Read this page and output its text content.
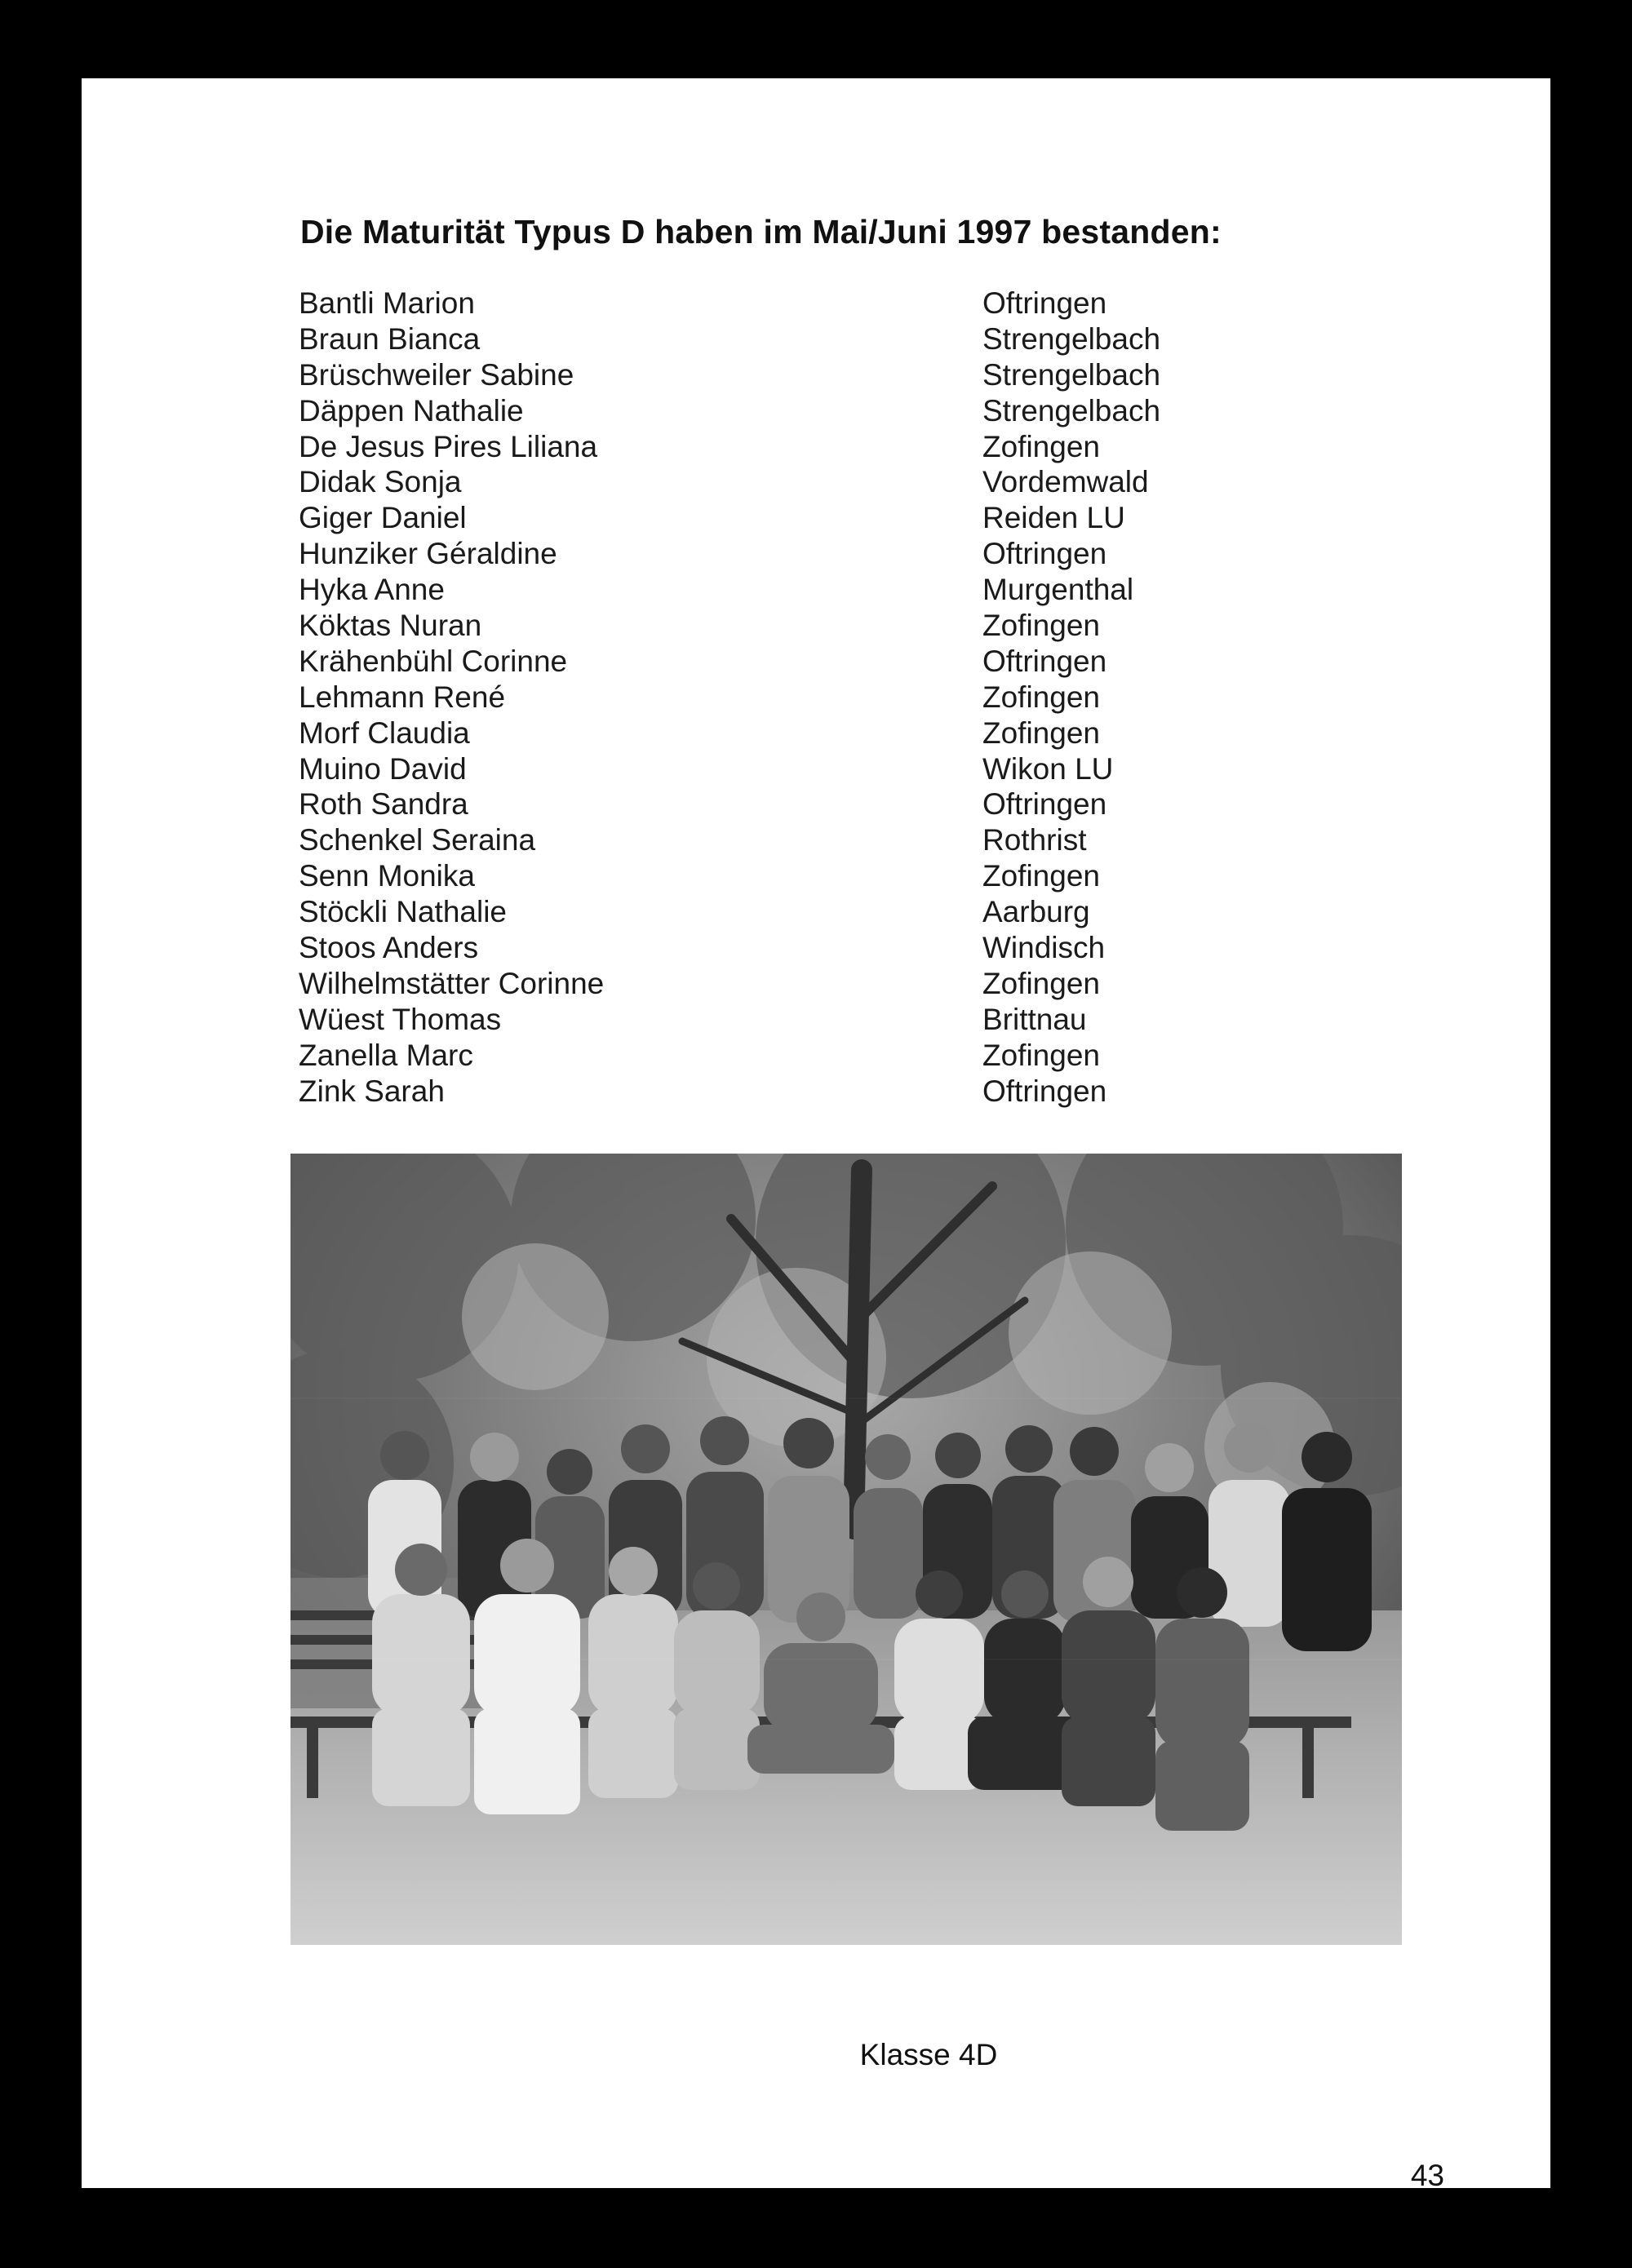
Die Maturität Typus D haben im Mai/Juni 1997 bestanden:
Bantli Marion
Braun Bianca
Brüschweiler Sabine
Däppen Nathalie
De Jesus Pires Liliana
Didak Sonja
Giger Daniel
Hunziker Géraldine
Hyka Anne
Köktas Nuran
Krähenbühl Corinne
Lehmann René
Morf Claudia
Muino David
Roth Sandra
Schenkel Seraina
Senn Monika
Stöckli Nathalie
Stoos Anders
Wilhelmstätter Corinne
Wüest Thomas
Zanella Marc
Zink Sarah
Oftringen
Strengelbach
Strengelbach
Strengelbach
Zofingen
Vordemwald
Reiden LU
Oftringen
Murgenthal
Zofingen
Oftringen
Zofingen
Zofingen
Wikon LU
Oftringen
Rothrist
Zofingen
Aarburg
Windisch
Zofingen
Brittnau
Zofingen
Oftringen
Klasse 4D
43
